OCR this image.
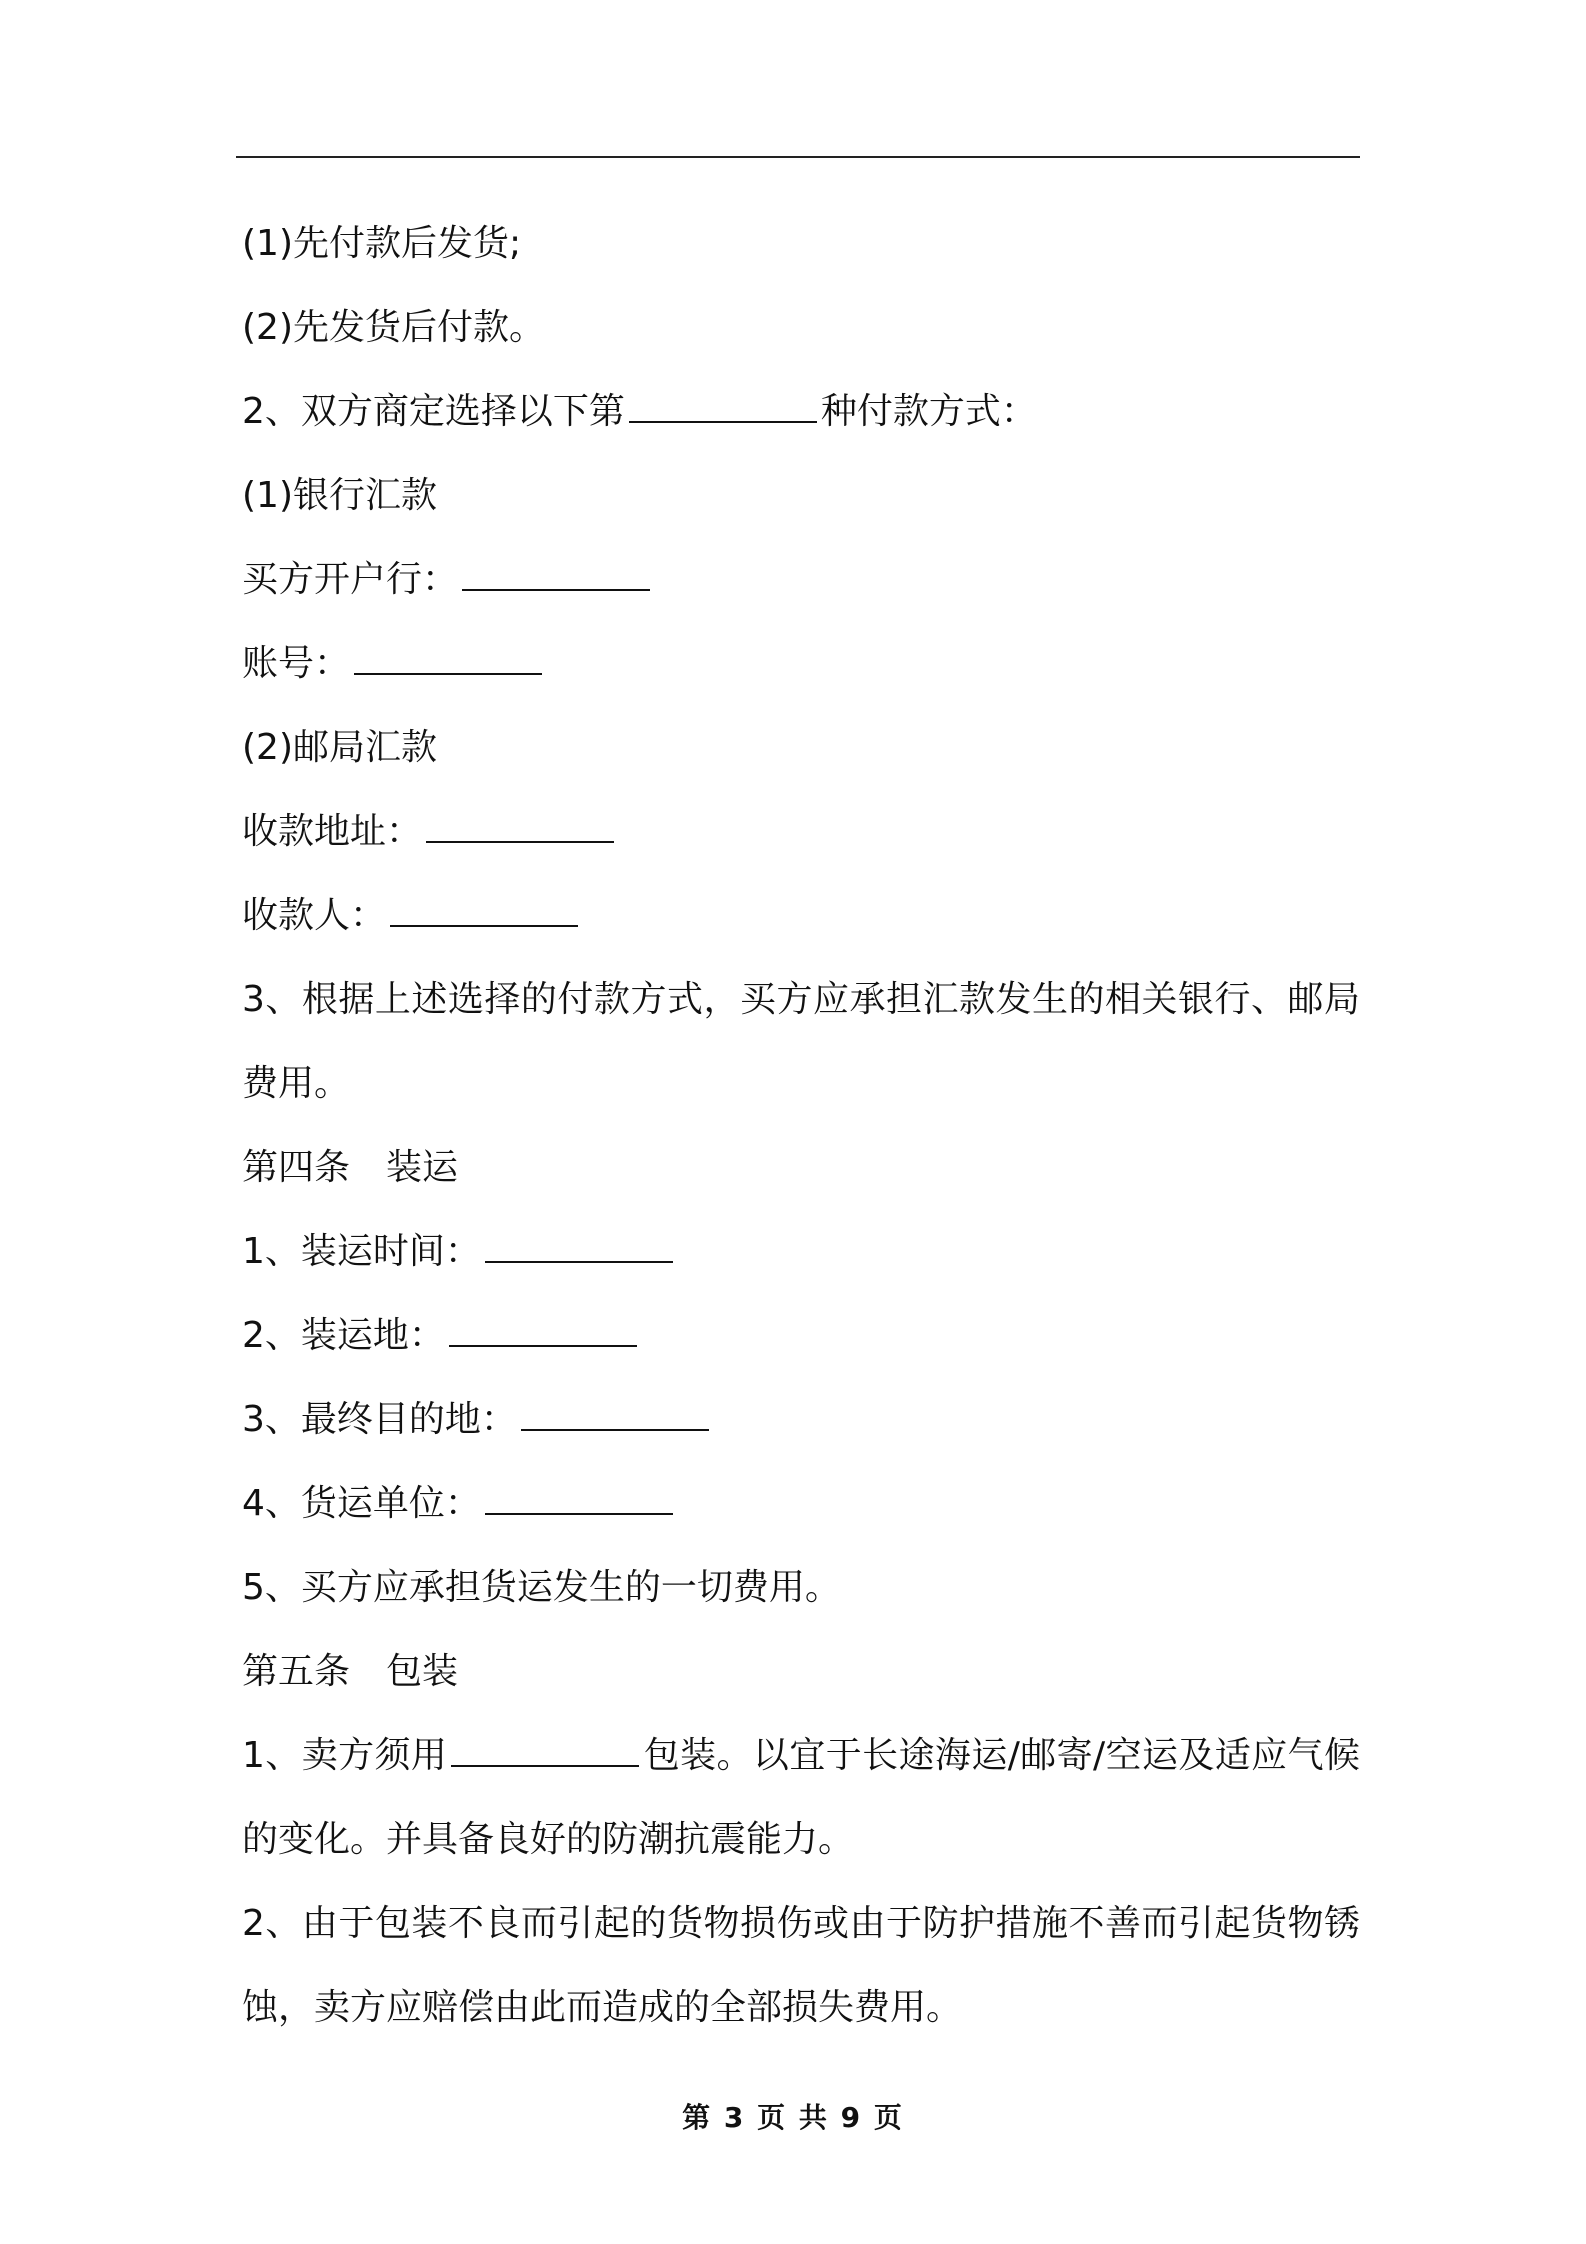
(1)先付款后发货;
(2)先发货后付款。
2、双方商定选择以下第	种付款方式：
(1)银行汇款
买方开户行：
账号：
(2)邮局汇款
收款地址：
收款人：
3、根据上述选择的付款方式，买方应承担汇款发生的相关银行、邮局费用。
第四条 装运
1、装运时间：
2、装运地：
3、最终目的地：
4、货运单位：
5、买方应承担货运发生的一切费用。
第五条 包装
1、卖方须用	包装。以宜于长途海运/邮寄/空运及适应气候的变化。并具备良好的防潮抗震能力。
2、由于包装不良而引起的货物损伤或由于防护措施不善而引起货物锈蚀，卖方应赔偿由此而造成的全部损失费用。
第 3 页 共 9 页
